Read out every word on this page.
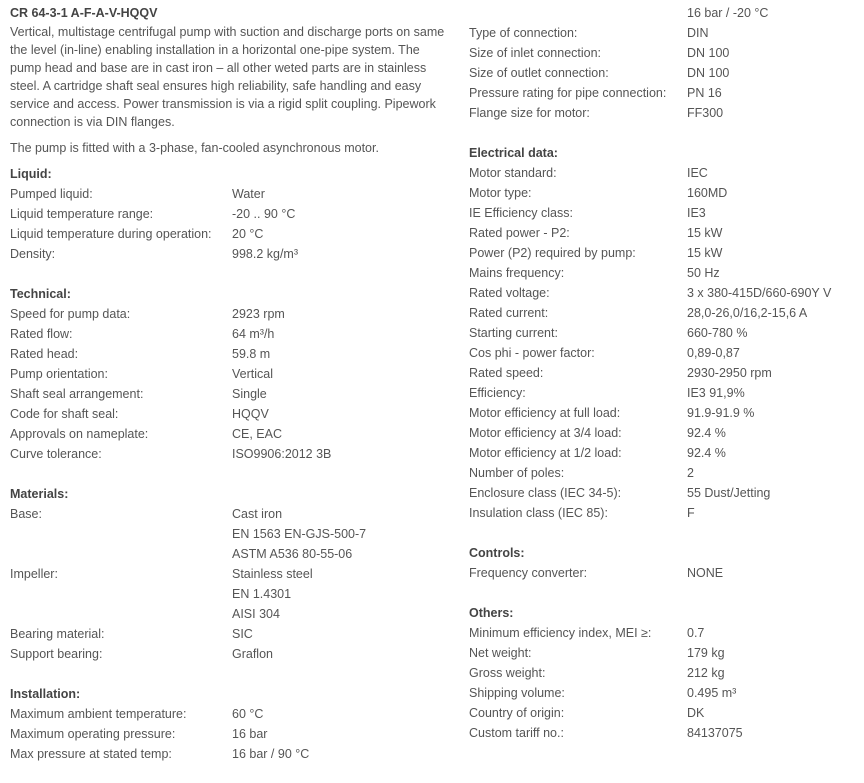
CR 64-3-1 A-F-A-V-HQQV

Vertical, multistage centrifugal pump with suction and discharge ports on same the level (in-line) enabling installation in a horizontal one-pipe system. The pump head and base are in cast iron – all other weted parts are in stainless steel. A cartridge shaft seal ensures high reliability, safe handling and easy service and access. Power transmission is via a rigid split coupling. Pipework connection is via DIN flanges.

The pump is fitted with a 3-phase, fan-cooled asynchronous motor.

Liquid:
Pumped liquid:	Water
Liquid temperature range:	-20 .. 90 °C
Liquid temperature during operation: 20 °C
Density:	998.2 kg/m³
Technical:
Speed for pump data:	2923 rpm
Rated flow:	64 m³/h
Rated head:	59.8 m
Pump orientation:	Vertical
Shaft seal arrangement:	Single
Code for shaft seal:	HQQV
Approvals on nameplate:	CE, EAC
Curve tolerance:	ISO9906:2012 3B
Materials:
Base:	Cast iron
EN 1563 EN-GJS-500-7
ASTM A536 80-55-06
Impeller:	Stainless steel
EN 1.4301
AISI 304
Bearing material:	SIC
Support bearing:	Graflon
Installation:
Maximum ambient temperature:	60 °C
Maximum operating pressure:	16 bar
Max pressure at stated temp:	16 bar / 90 °C
16 bar / -20 °C
Type of connection:	DIN
Size of inlet connection:	DN 100
Size of outlet connection:	DN 100
Pressure rating for pipe connection: PN 16
Flange size for motor:	FF300
Electrical data:
Motor standard:	IEC
Motor type:	160MD
IE Efficiency class:	IE3
Rated power - P2:	15 kW
Power (P2) required by pump:	15 kW
Mains frequency:	50 Hz
Rated voltage:	3 x 380-415D/660-690Y V
Rated current:	28,0-26,0/16,2-15,6 A
Starting current:	660-780 %
Cos phi - power factor:	0,89-0,87
Rated speed:	2930-2950 rpm
Efficiency:	IE3 91,9%
Motor efficiency at full load:	91.9-91.9 %
Motor efficiency at 3/4 load:	92.4 %
Motor efficiency at 1/2 load:	92.4 %
Number of poles:	2
Enclosure class (IEC 34-5):	55 Dust/Jetting
Insulation class (IEC 85):	F
Controls:
Frequency converter:	NONE
Others:
Minimum efficiency index, MEI ≥:	0.7
Net weight:	179 kg
Gross weight:	212 kg
Shipping volume:	0.495 m³
Country of origin:	DK
Custom tariff no.:	84137075
